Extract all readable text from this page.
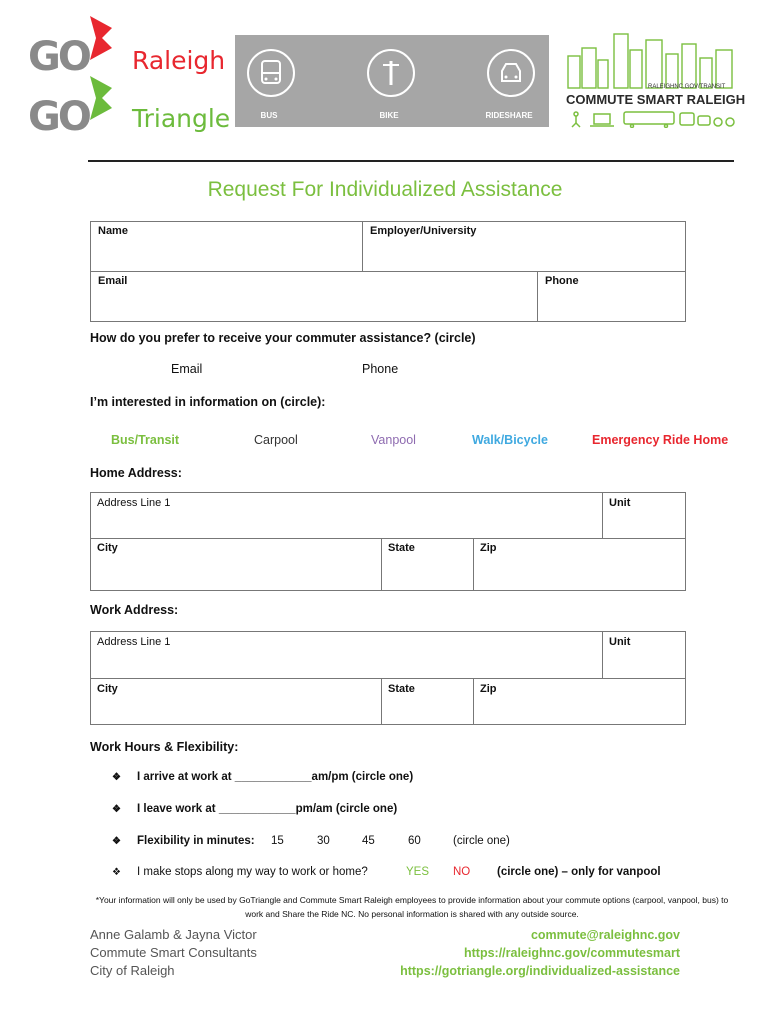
GO Raleigh
GO Triangle	BUS	BIKE	RIDESHARE
RALEIGHNC.GOV/TRANSIT
COMMUTE SMART RALEIGH
Request For Individualized Assistance
Name	Employer/University
Email	Phone
How do you prefer to receive your commuter assistance? (circle)
Email	Phone
I’m interested in information on (circle):
Bus/Transit	Carpool	Vanpool	Walk/Bicycle	Emergency Ride Home
Home Address:
Address Line 1	Unit
City	State	Zip
Work Address:
Address Line 1	Unit
City	State	Zip
Work Hours & Flexibility:
❖ I arrive at work at ____________am/pm (circle one)
❖ I leave work at ____________pm/am (circle one)
❖ Flexibility in minutes: 15	30	45	60	(circle one)
❖ I make stops along my way to work or home?	YES NO (circle one) – only for vanpool
*Your information will only be used by GoTriangle and Commute Smart Raleigh employees to provide information about your commute options (carpool, vanpool, bus) to work and Share the Ride NC. No personal information is shared with any outside source.
Anne Galamb & Jayna Victor
Commute Smart Consultants
City of Raleigh
commute@raleighnc.gov
https://raleighnc.gov/commutesmart
https://gotriangle.org/individualized-assistance
